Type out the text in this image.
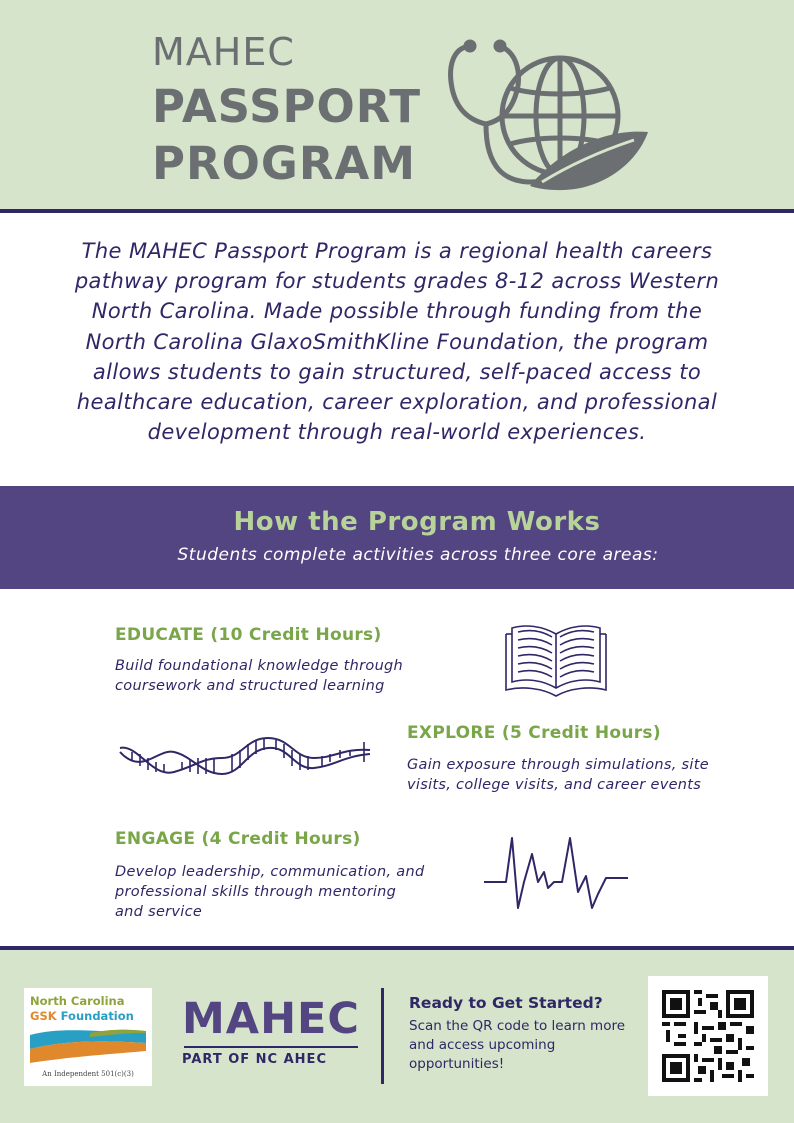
MAHEC
PASSPORT
PROGRAM
The MAHEC Passport Program is a regional health careers pathway program for students grades 8-12 across Western North Carolina. Made possible through funding from the North Carolina GlaxoSmithKline Foundation, the program allows students to gain structured, self-paced access to healthcare education, career exploration, and professional development through real-world experiences.
How the Program Works
Students complete activities across three core areas:
EDUCATE (10 Credit Hours)
Build foundational knowledge through coursework and structured learning
EXPLORE (5 Credit Hours)
Gain exposure through simulations, site visits, college visits, and career events
ENGAGE (4 Credit Hours)
Develop leadership, communication, and professional skills through mentoring and service
North Carolina
GSK Foundation
An Independent 501(c)(3)
MAHEC
PART OF NC AHEC
Ready to Get Started?
Scan the QR code to learn more and access upcoming opportunities!
